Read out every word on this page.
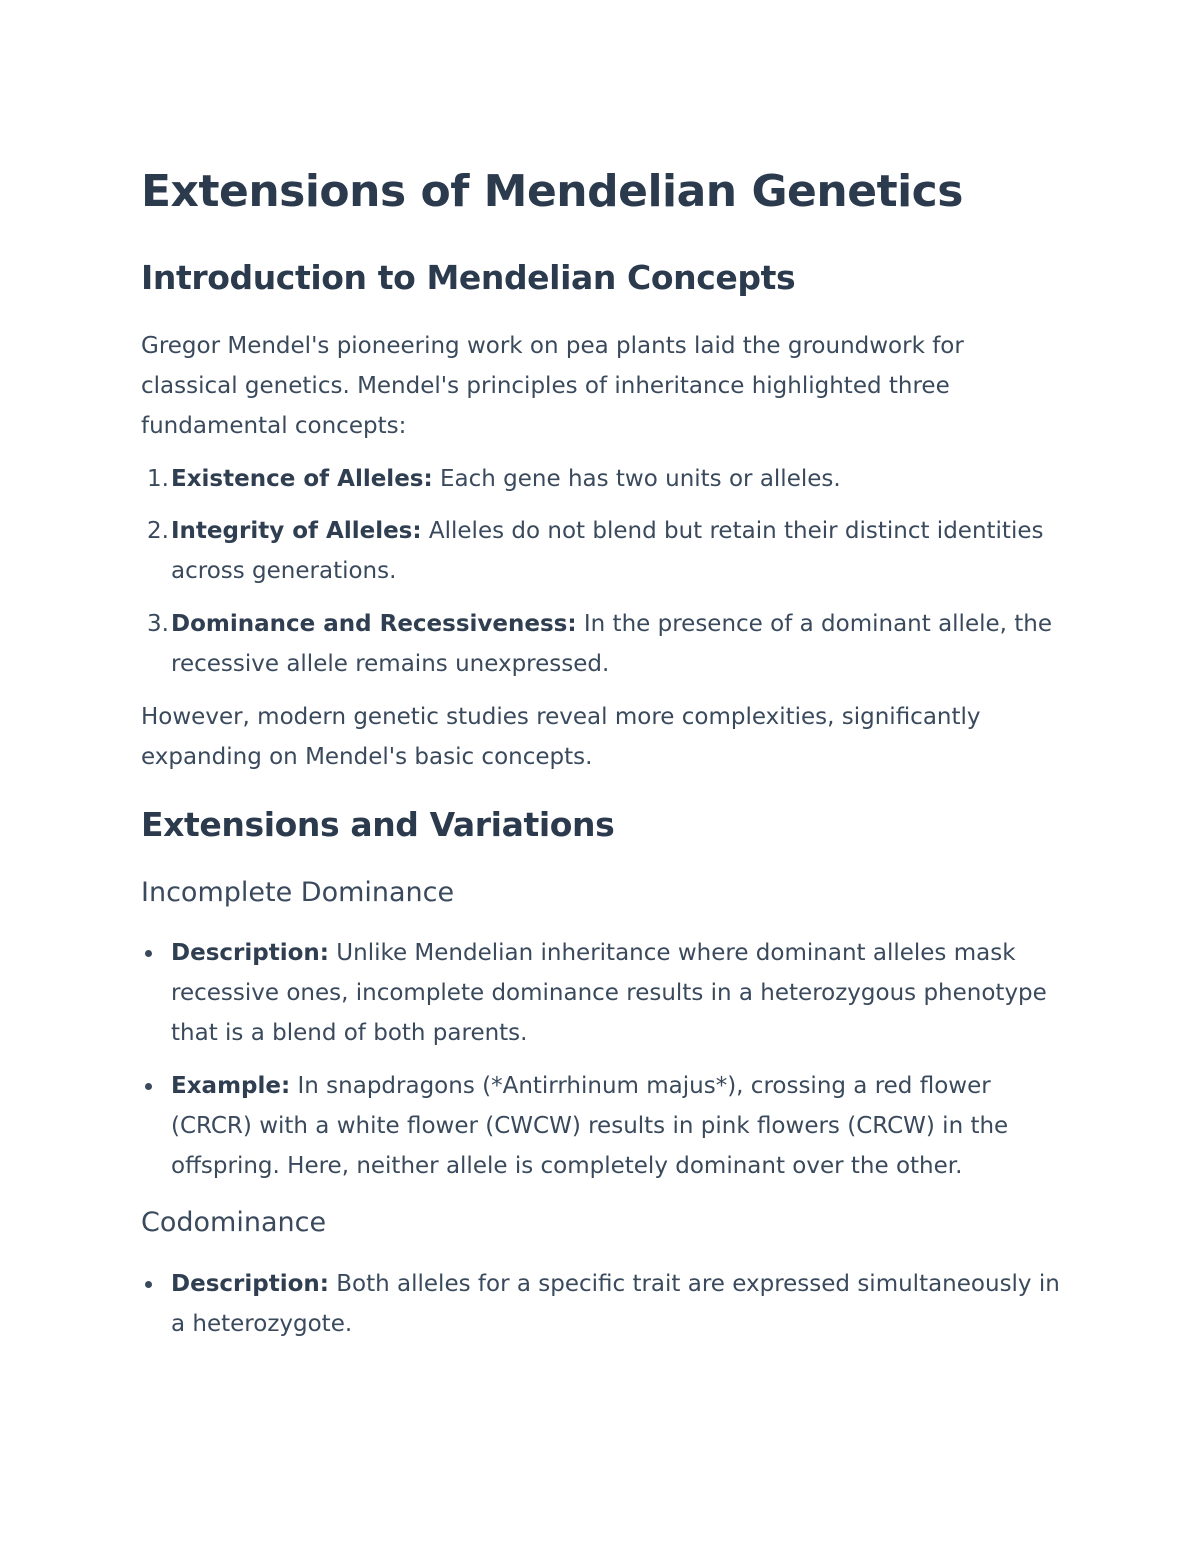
Extensions of Mendelian Genetics
Introduction to Mendelian Concepts

Gregor Mendel's pioneering work on pea plants laid the groundwork for classical genetics. Mendel's principles of inheritance highlighted three fundamental concepts:

1. Existence of Alleles: Each gene has two units or alleles.
2. Integrity of Alleles: Alleles do not blend but retain their distinct identities across generations.
3. Dominance and Recessiveness: In the presence of a dominant allele, the recessive allele remains unexpressed.

However, modern genetic studies reveal more complexities, significantly expanding on Mendel's basic concepts.

Extensions and Variations
Incomplete Dominance
Description: Unlike Mendelian inheritance where dominant alleles mask recessive ones, incomplete dominance results in a heterozygous phenotype that is a blend of both parents.
Example: In snapdragons (*Antirrhinum majus*), crossing a red flower (CRCR) with a white flower (CWCW) results in pink flowers (CRCW) in the offspring. Here, neither allele is completely dominant over the other.
Codominance
Description: Both alleles for a specific trait are expressed simultaneously in a heterozygote.
